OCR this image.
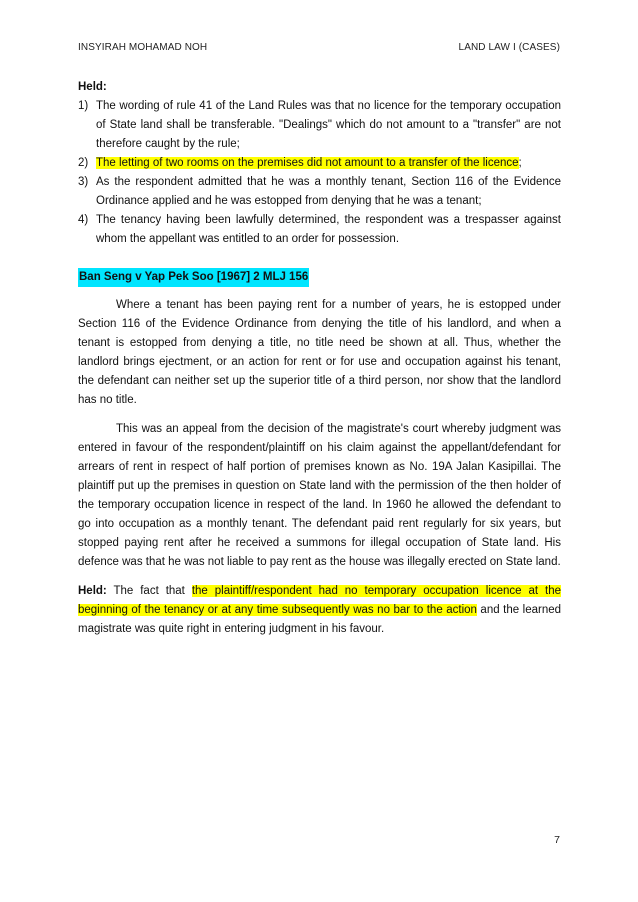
INSYIRAH MOHAMAD NOH	LAND LAW I (CASES)
Held:
1) The wording of rule 41 of the Land Rules was that no licence for the temporary occupation of State land shall be transferable. "Dealings" which do not amount to a "transfer" are not therefore caught by the rule;
2) The letting of two rooms on the premises did not amount to a transfer of the licence;
3) As the respondent admitted that he was a monthly tenant, Section 116 of the Evidence Ordinance applied and he was estopped from denying that he was a tenant;
4) The tenancy having been lawfully determined, the respondent was a trespasser against whom the appellant was entitled to an order for possession.
Ban Seng v Yap Pek Soo [1967] 2 MLJ 156

Where a tenant has been paying rent for a number of years, he is estopped under Section 116 of the Evidence Ordinance from denying the title of his landlord, and when a tenant is estopped from denying a title, no title need be shown at all. Thus, whether the landlord brings ejectment, or an action for rent or for use and occupation against his tenant, the defendant can neither set up the superior title of a third person, nor show that the landlord has no title.

This was an appeal from the decision of the magistrate's court whereby judgment was entered in favour of the respondent/plaintiff on his claim against the appellant/defendant for arrears of rent in respect of half portion of premises known as No. 19A Jalan Kasipillai. The plaintiff put up the premises in question on State land with the permission of the then holder of the temporary occupation licence in respect of the land. In 1960 he allowed the defendant to go into occupation as a monthly tenant. The defendant paid rent regularly for six years, but stopped paying rent after he received a summons for illegal occupation of State land. His defence was that he was not liable to pay rent as the house was illegally erected on State land.

Held: The fact that the plaintiff/respondent had no temporary occupation licence at the beginning of the tenancy or at any time subsequently was no bar to the action and the learned magistrate was quite right in entering judgment in his favour.

7
